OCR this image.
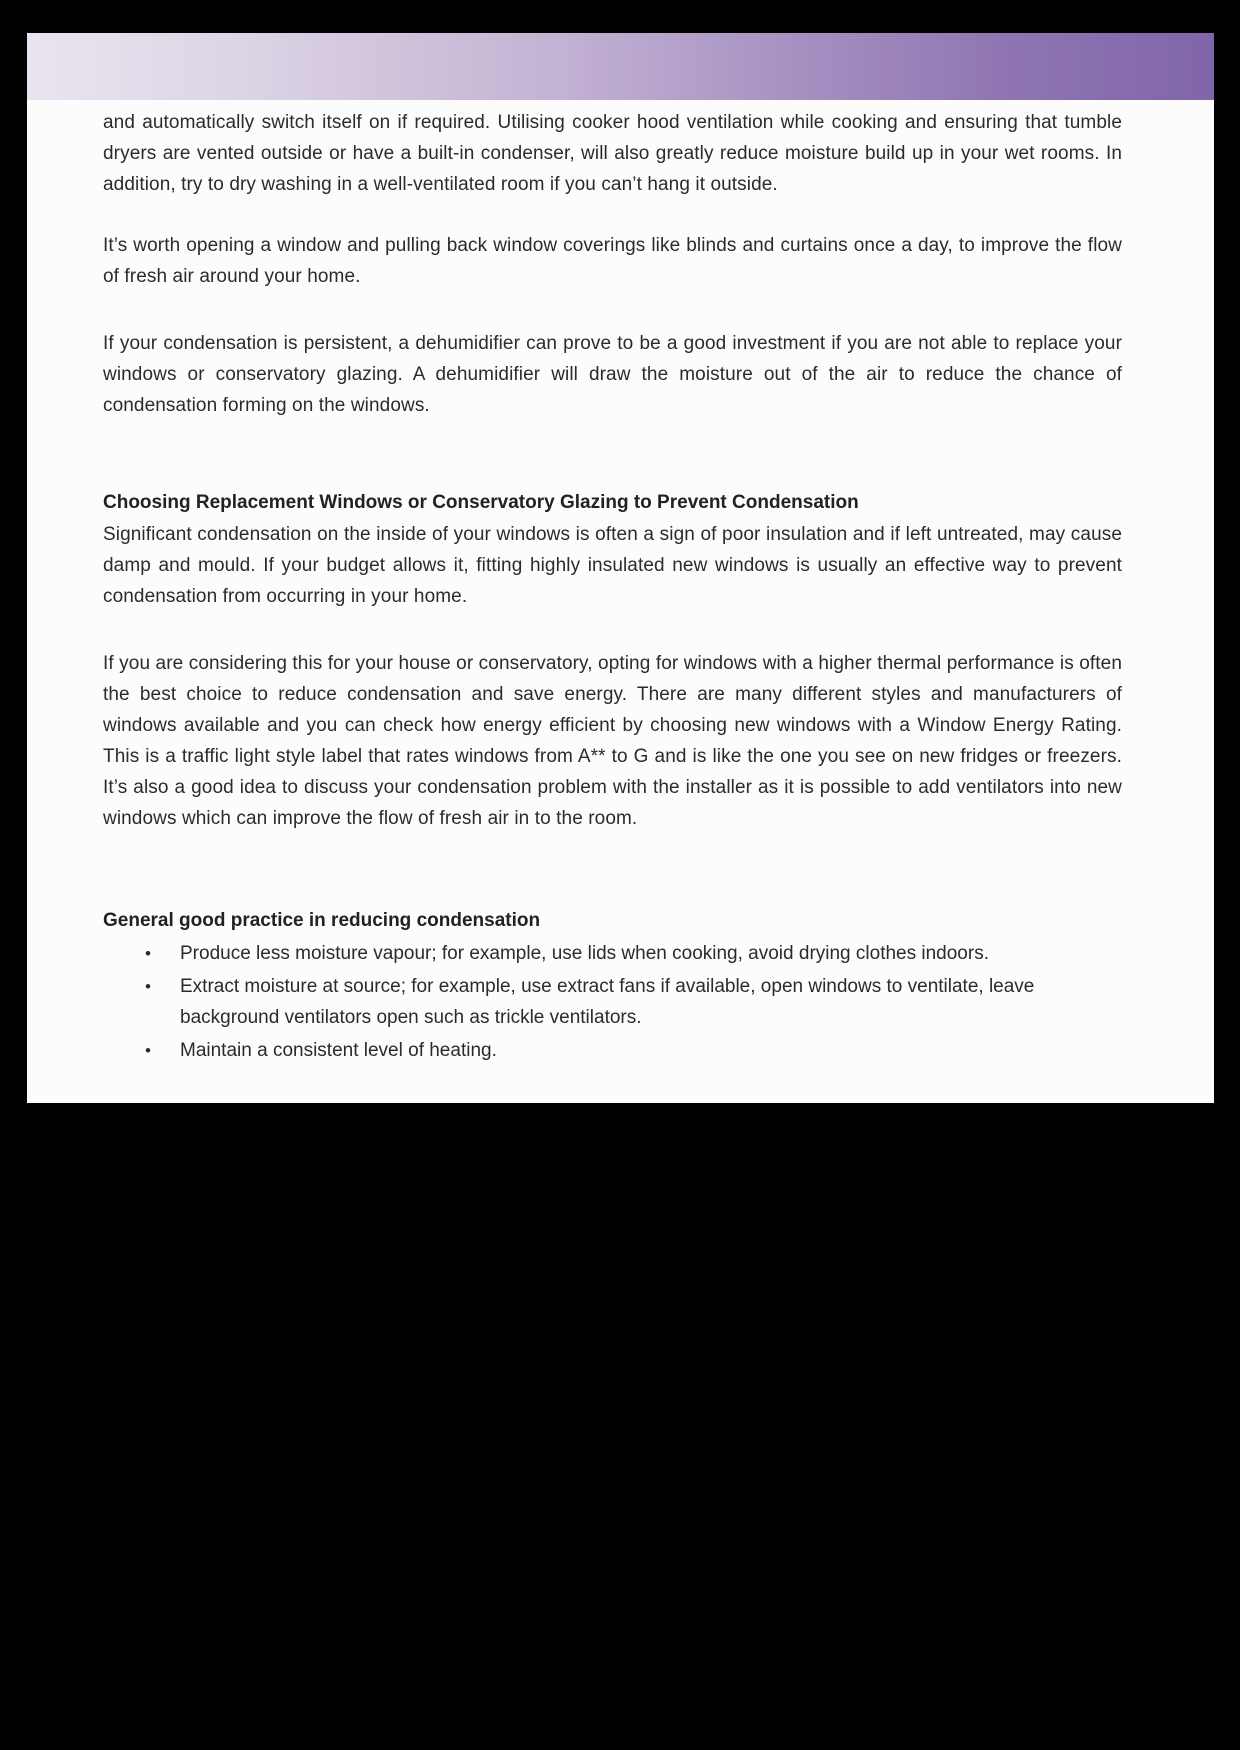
and automatically switch itself on if required. Utilising cooker hood ventilation while cooking and ensuring that tumble dryers are vented outside or have a built-in condenser, will also greatly reduce moisture build up in your wet rooms. In addition, try to dry washing in a well-ventilated room if you can’t hang it outside.

It’s worth opening a window and pulling back window coverings like blinds and curtains once a day, to improve the flow of fresh air around your home.

If your condensation is persistent, a dehumidifier can prove to be a good investment if you are not able to replace your windows or conservatory glazing. A dehumidifier will draw the moisture out of the air to reduce the chance of condensation forming on the windows.

Choosing Replacement Windows or Conservatory Glazing to Prevent Condensation

Significant condensation on the inside of your windows is often a sign of poor insulation and if left untreated, may cause damp and mould. If your budget allows it, fitting highly insulated new windows is usually an effective way to prevent condensation from occurring in your home.

If you are considering this for your house or conservatory, opting for windows with a higher thermal performance is often the best choice to reduce condensation and save energy. There are many different styles and manufacturers of windows available and you can check how energy efficient by choosing new windows with a Window Energy Rating. This is a traffic light style label that rates windows from A** to G and is like the one you see on new fridges or freezers. It’s also a good idea to discuss your condensation problem with the installer as it is possible to add ventilators into new windows which can improve the flow of fresh air in to the room.

General good practice in reducing condensation

•	Produce less moisture vapour; for example, use lids when cooking, avoid drying clothes indoors.
•	Extract moisture at source; for example, use extract fans if available, open windows to ventilate, leave background ventilators open such as trickle ventilators.
•	Maintain a consistent level of heating.
